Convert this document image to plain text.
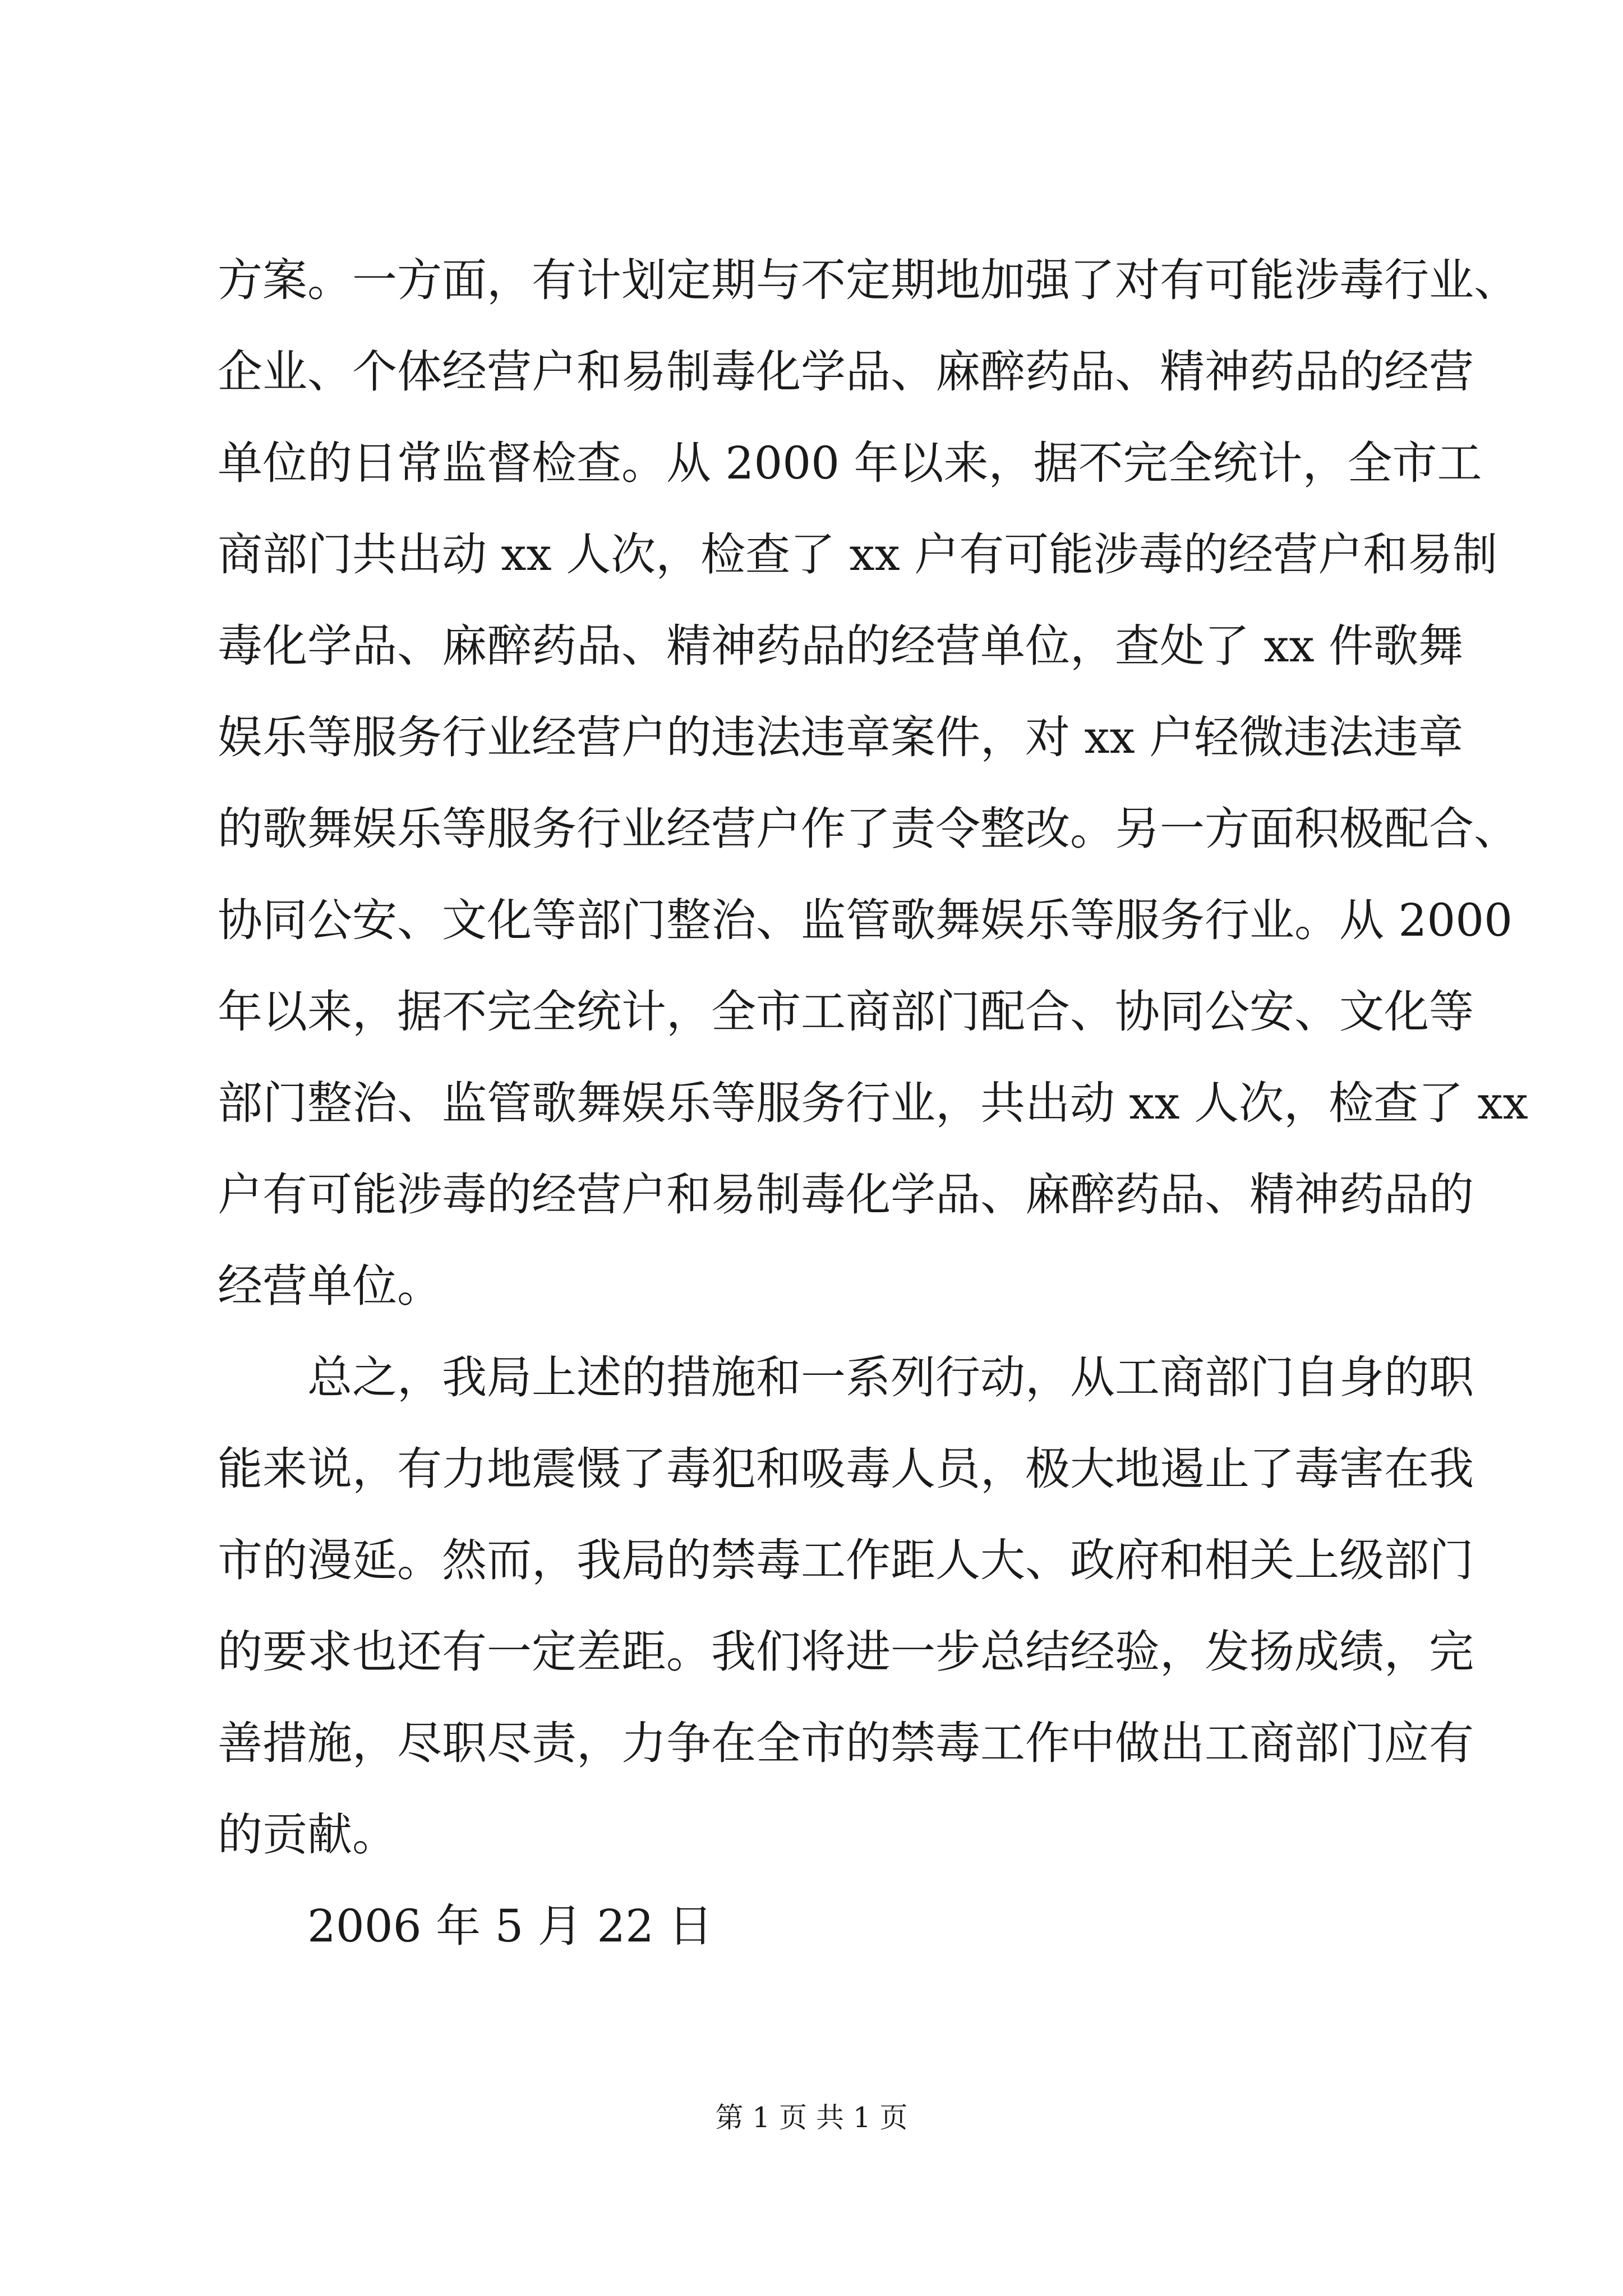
方案。一方面，有计划定期与不定期地加强了对有可能涉毒行业、
企业、个体经营户和易制毒化学品、麻醉药品、精神药品的经营
单位的日常监督检查。从 2000 年以来，据不完全统计，全市工
商部门共出动 xx 人次，检查了 xx 户有可能涉毒的经营户和易制
毒化学品、麻醉药品、精神药品的经营单位，查处了 xx 件歌舞
娱乐等服务行业经营户的违法违章案件，对 xx 户轻微违法违章
的歌舞娱乐等服务行业经营户作了责令整改。另一方面积极配合、
协同公安、文化等部门整治、监管歌舞娱乐等服务行业。从 2000
年以来，据不完全统计，全市工商部门配合、协同公安、文化等
部门整治、监管歌舞娱乐等服务行业，共出动 xx 人次，检查了 xx
户有可能涉毒的经营户和易制毒化学品、麻醉药品、精神药品的
经营单位。
总之，我局上述的措施和一系列行动，从工商部门自身的职
能来说，有力地震慑了毒犯和吸毒人员，极大地遏止了毒害在我
市的漫延。然而，我局的禁毒工作距人大、政府和相关上级部门
的要求也还有一定差距。我们将进一步总结经验，发扬成绩，完
善措施，尽职尽责，力争在全市的禁毒工作中做出工商部门应有
的贡献。
2006 年 5 月 22 日
第 1 页 共 1 页
